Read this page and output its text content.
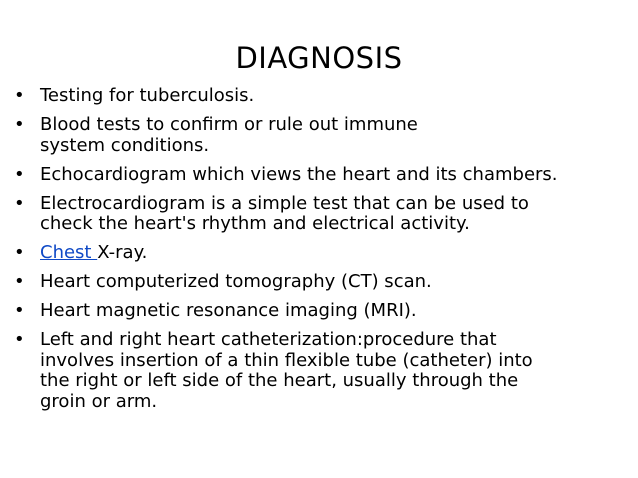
DIAGNOSIS
• Testing for tuberculosis.
• Blood tests to confirm or rule out immune
system conditions.
• Echocardiogram which views the heart and its chambers.
• Electrocardiogram is a simple test that can be used to
check the heart's rhythm and electrical activity.
• Chest X-ray.
• Heart computerized tomography (CT) scan.
• Heart magnetic resonance imaging (MRI).
• Left and right heart catheterization:procedure that
involves insertion of a thin flexible tube (catheter) into
the right or left side of the heart, usually through the
groin or arm.
